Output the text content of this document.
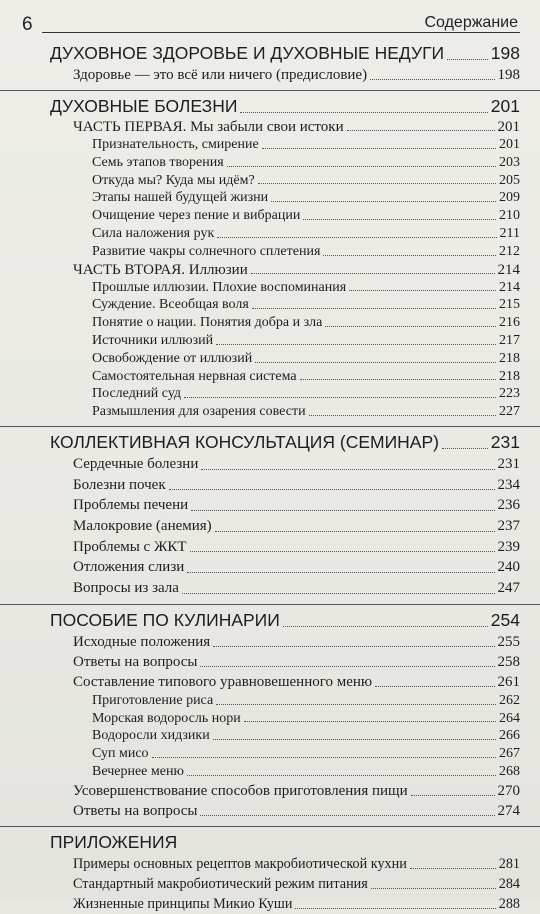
6	Содержание
ДУХОВНОЕ ЗДОРОВЬЕ И ДУХОВНЫЕ НЕДУГИ	198
Здоровье — это всё или ничего (предисловие)	198
ДУХОВНЫЕ БОЛЕЗНИ	201
ЧАСТЬ ПЕРВАЯ. Мы забыли свои истоки	201
Признательность, смирение	201
Семь этапов творения	203
Откуда мы? Куда мы идём?	205
Этапы нашей будущей жизни	209
Очищение через пение и вибрации	210
Сила наложения рук	211
Развитие чакры солнечного сплетения	212
ЧАСТЬ ВТОРАЯ. Иллюзии	214
Прошлые иллюзии. Плохие воспоминания	214
Суждение. Всеобщая воля	215
Понятие о нации. Понятия добра и зла	216
Источники иллюзий	217
Освобождение от иллюзий	218
Самостоятельная нервная система	218
Последний суд	223
Размышления для озарения совести	227
КОЛЛЕКТИВНАЯ КОНСУЛЬТАЦИЯ (СЕМИНАР)	231
Сердечные болезни	231
Болезни почек	234
Проблемы печени	236
Малокровие (анемия)	237
Проблемы с ЖКТ	239
Отложения слизи	240
Вопросы из зала	247
ПОСОБИЕ ПО КУЛИНАРИИ	254
Исходные положения	255
Ответы на вопросы	258
Составление типового уравновешенного меню	261
Приготовление риса	262
Морская водоросль нори	264
Водоросли хидзики	266
Суп мисо	267
Вечернее меню	268
Усовершенствование способов приготовления пищи	270
Ответы на вопросы	274
ПРИЛОЖЕНИЯ
Примеры основных рецептов макробиотической кухни	281
Стандартный макробиотический режим питания	284
Жизненные принципы Микио Куши	288
